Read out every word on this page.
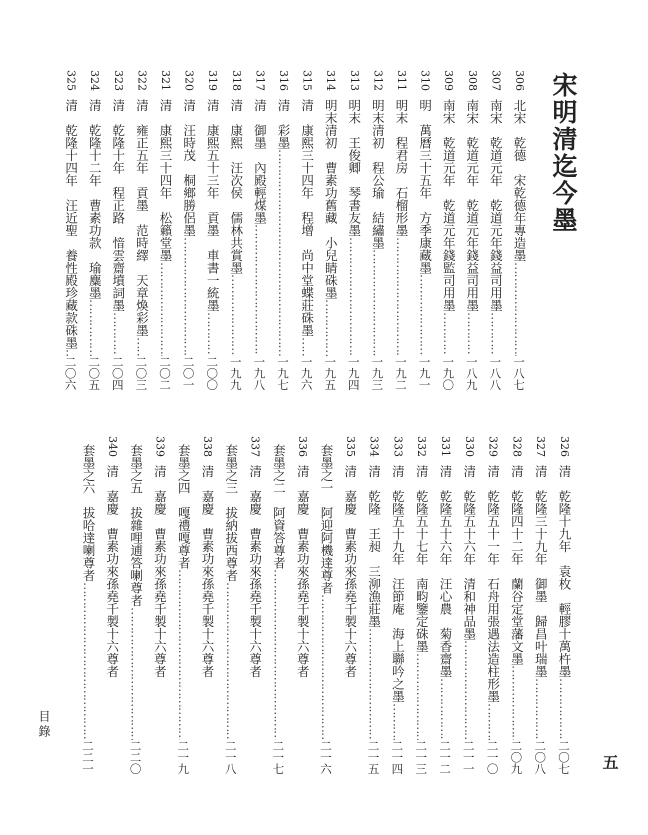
宋明清迄今墨
306
北宋　乾德　宋乾德年專造墨
…………………………………………………………………………………………
一八七
307
南宋　乾道元年　乾道元年錢益司用墨
…………………………………………………………………………………………
一八八
308
南宋　乾道元年　乾道元年錢益司用墨
…………………………………………………………………………………………
一八九
309
南宋　乾道元年　乾道元年錢監司用墨
…………………………………………………………………………………………
一九〇
310
明　萬曆三十五年　方季康藏墨
…………………………………………………………………………………………
一九一
311
明末　程君房　石榴形墨
…………………………………………………………………………………………
一九二
312
明末清初　程公瑜　結繡墨
…………………………………………………………………………………………
一九三
313
明末　王俊卿　琴書友墨
…………………………………………………………………………………………
一九四
314
明末清初　曹素功舊藏　小兒睛硃墨
…………………………………………………………………………………………
一九五
315
清　康熙三十四年　程增　尚中堂蝶莊硃墨
…………………………………………………………………………………………
一九六
316
清　彩墨
…………………………………………………………………………………………
一九七
317
清　御墨　內殿輕煤墨
…………………………………………………………………………………………
一九八
318
清　康熙　汪次侯　儒林共賞墨
…………………………………………………………………………………………
一九九
319
清　康熙五十三年　貢墨　車書一統墨
…………………………………………………………………………………………
二〇〇
320
清　汪時茂　桐鄉勝侶墨
…………………………………………………………………………………………
二〇一
321
清　康熙三十四年　松籟堂墨
…………………………………………………………………………………………
二〇二
322
清　雍正五年　貢墨　范時繹　天章煥彩墨
…………………………………………………………………………………………
二〇三
323
清　乾隆十年　程正路　愔雲齋墳詞墨
…………………………………………………………………………………………
二〇四
324
清　乾隆十二年　曹素功款　瑜麋墨
…………………………………………………………………………………………
二〇五
325
清　乾隆十四年　汪近聖　養性殿珍藏款硃墨
…………………………………………………………………………………………
二〇六
326
清　乾隆十九年　袁枚　輕膠十萬杵墨
…………………………………………………………………………………………
二〇七
327
清　乾隆三十九年　御墨　歸昌叶瑞墨
…………………………………………………………………………………………
二〇八
328
清　乾隆四十二年　蘭谷定堂藩文墨
…………………………………………………………………………………………
二〇九
329
清　乾隆五十一年　石舟用張遇法造柱形墨
…………………………………………………………………………………………
二一〇
330
清　乾隆五十六年　清和神品墨
…………………………………………………………………………………………
二一一
331
清　乾隆五十六年　汪心農　菊香齋墨
…………………………………………………………………………………………
二一二
332
清　乾隆五十七年　南畇鑒定硃墨
…………………………………………………………………………………………
二一三
333
清　乾隆五十九年　汪節庵　海上聯吟之墨
…………………………………………………………………………………………
二一四
334
清　乾隆　王昶　三泖漁莊墨
…………………………………………………………………………………………
二一五
335
清　嘉慶　曹素功來孫堯千製十六尊者
套墨之一　阿迎阿機達尊者
…………………………………………………………………………………………
二一六
336
清　嘉慶　曹素功來孫堯千製十六尊者
套墨之二　阿資答尊者
…………………………………………………………………………………………
二一七
337
清　嘉慶　曹素功來孫堯千製十六尊者
套墨之三　拔納拔西尊者
…………………………………………………………………………………………
二一八
338
清　嘉慶　曹素功來孫堯千製十六尊者
套墨之四　嘎禮嘎尊者
…………………………………………………………………………………………
二一九
339
清　嘉慶　曹素功來孫堯千製十六尊者
套墨之五　拔雜哩逋答喇尊者
…………………………………………………………………………………………
二二〇
340
清　嘉慶　曹素功來孫堯千製十六尊者
套墨之六　拔哈達喇尊者
…………………………………………………………………………………………
二二一
目錄
五
